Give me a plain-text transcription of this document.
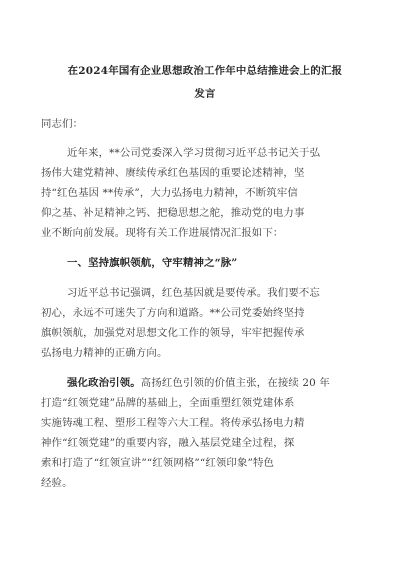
在2024年国有企业思想政治工作年中总结推进会上的汇报
发言
同志们：
近年来，**公司党委深入学习贯彻习近平总书记关于弘
扬伟大建党精神、赓续传承红色基因的重要论述精神，坚
持“红色基因 **传承”，大力弘扬电力精神，不断筑牢信
仰之基、补足精神之钙、把稳思想之舵，推动党的电力事
业不断向前发展。现将有关工作进展情况汇报如下：
一、坚持旗帜领航，守牢精神之“脉”
习近平总书记强调，红色基因就是要传承。我们要不忘
初心，永远不可迷失了方向和道路。**公司党委始终坚持
旗帜领航，加强党对思想文化工作的领导，牢牢把握传承
弘扬电力精神的正确方向。
强化政治引领。高扬红色引领的价值主张，在接续 20 年
打造“红领党建”品牌的基础上，全面重塑红领党建体系
实施铸魂工程、塑形工程等六大工程。将传承弘扬电力精
神作“红领党建”的重要内容，融入基层党建全过程，探
索和打造了“红领宣讲”“红领网格”“红领印象”特色
经验。
